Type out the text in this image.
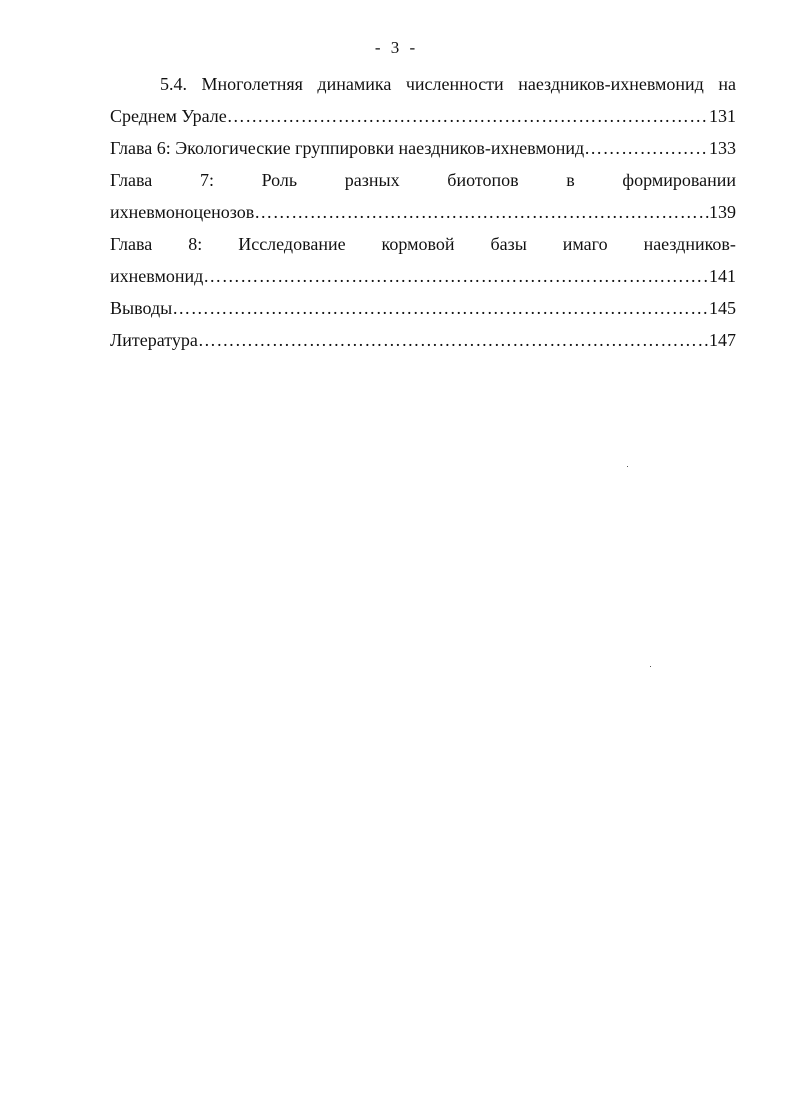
- 3 -
5.4. Многолетняя динамика численности наездников-ихневмонид на
Среднем Урале ………………………………………………………………………………………………………………………………………………………………	131
Глава 6: Экологические группировки наездников-ихневмонид ………………………………………………………………………………………………………………………………………………………………	133
Глава	7:	Роль	разных	биотопов	в	формировании
ихневмоноценозов ………………………………………………………………………………………………………………………………………………………………	139
Глава 8: Исследование кормовой базы имаго наездников-
ихневмонид ………………………………………………………………………………………………………………………………………………………………	141
Выводы ………………………………………………………………………………………………………………………………………………………………	145
Литература ………………………………………………………………………………………………………………………………………………………………	147
